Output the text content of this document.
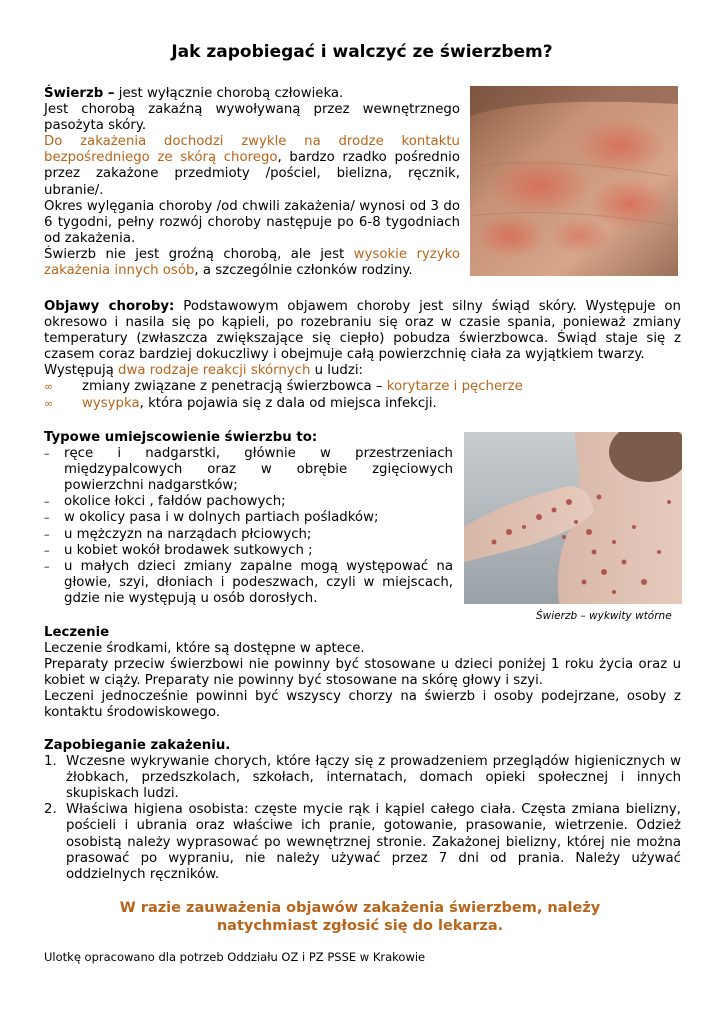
Jak zapobiegać i walczyć ze świerzbem?
Świerzb – jest wyłącznie chorobą człowieka.
Jest chorobą zakaźną wywoływaną przez wewnętrznego pasożyta skóry.
Do zakażenia dochodzi zwykle na drodze kontaktu bezpośredniego ze skórą chorego, bardzo rzadko pośrednio przez zakażone przedmioty /pościel, bielizna, ręcznik, ubranie/.
Okres wylęgania choroby /od chwili zakażenia/ wynosi od 3 do 6 tygodni, pełny rozwój choroby następuje po 6-8 tygodniach od zakażenia.
Świerzb nie jest groźną chorobą, ale jest wysokie ryzyko zakażenia innych osób, a szczególnie członków rodziny.
Objawy choroby: Podstawowym objawem choroby jest silny świąd skóry. Występuje on okresowo i nasila się po kąpieli, po rozebraniu się oraz w czasie spania, ponieważ zmiany temperatury (zwłaszcza zwiększające się ciepło) pobudza świerzbowca. Świąd staje się z czasem coraz bardziej dokuczliwy i obejmuje całą powierzchnię ciała za wyjątkiem twarzy.
Występują dwa rodzaje reakcji skórnych u ludzi:
∞ zmiany związane z penetracją świerzbowca – korytarze i pęcherze
∞ wysypka, która pojawia się z dala od miejsca infekcji.
Typowe umiejscowienie świerzbu to:
– ręce i nadgarstki, głównie w przestrzeniach międzypalcowych oraz w obrębie zgięciowych powierzchni nadgarstków;
– okolice łokci , fałdów pachowych;
– w okolicy pasa i w dolnych partiach pośladków;
– u mężczyzn na narządach płciowych;
– u kobiet wokół brodawek sutkowych ;
– u małych dzieci zmiany zapalne mogą występować na głowie, szyi, dłoniach i podeszwach, czyli w miejscach, gdzie nie występują u osób dorosłych.
Świerzb – wykwity wtórne
Leczenie
Leczenie środkami, które są dostępne w aptece.
Preparaty przeciw świerzbowi nie powinny być stosowane u dzieci poniżej 1 roku życia oraz u kobiet w ciąży. Preparaty nie powinny być stosowane na skórę głowy i szyi.
Leczeni jednocześnie powinni być wszyscy chorzy na świerzb i osoby podejrzane, osoby z kontaktu środowiskowego.
Zapobieganie zakażeniu.
1. Wczesne wykrywanie chorych, które łączy się z prowadzeniem przeglądów higienicznych w żłobkach, przedszkolach, szkołach, internatach, domach opieki społecznej i innych skupiskach ludzi.
2. Właściwa higiena osobista: częste mycie rąk i kąpiel całego ciała. Częsta zmiana bielizny, pościeli i ubrania oraz właściwe ich pranie, gotowanie, prasowanie, wietrzenie. Odzież osobistą należy wyprasować po wewnętrznej stronie. Zakażonej bielizny, której nie można prasować po wypraniu, nie należy używać przez 7 dni od prania. Należy używać oddzielnych ręczników.
W razie zauważenia objawów zakażenia świerzbem, należy
natychmiast zgłosić się do lekarza.
Ulotkę opracowano dla potrzeb Oddziału OZ i PZ PSSE w Krakowie
